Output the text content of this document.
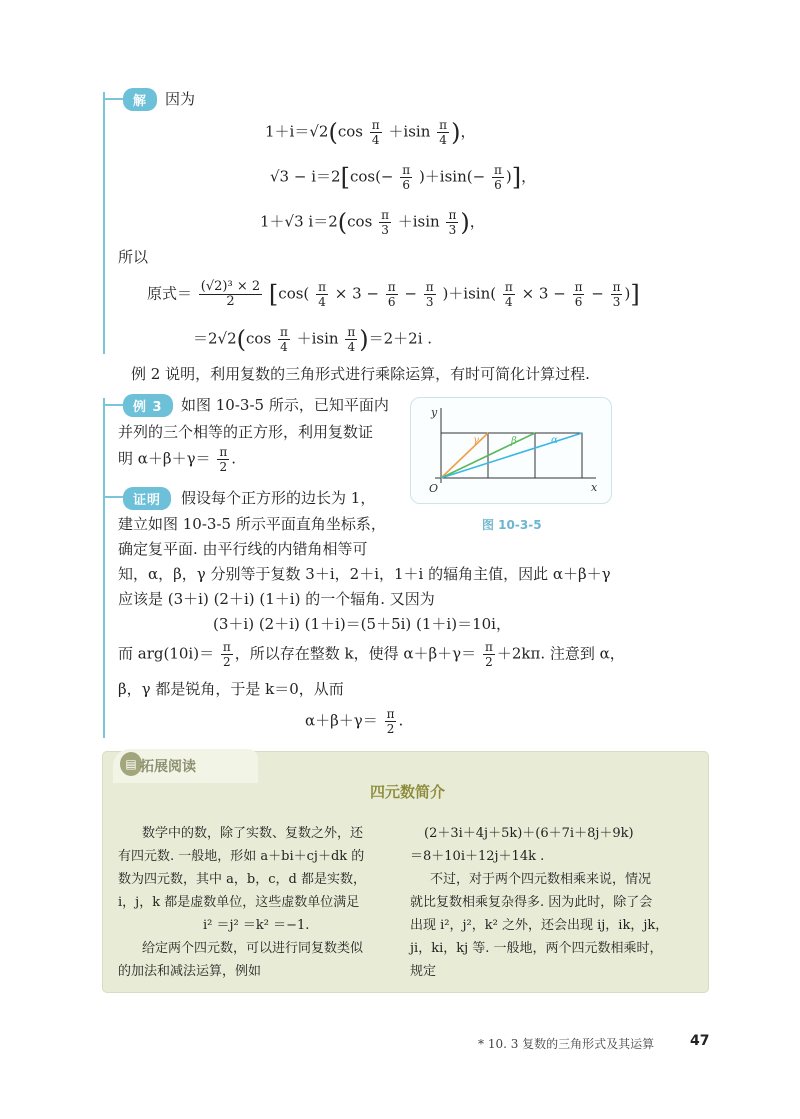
解	因为
$1+i=√2(\cos \frac{\pi}{4} +isin \frac{\pi}{4}$ )，
$√3 - i=2[\cos(- \frac{\pi}{6} )+isin(- \frac{\pi}{6}$ )]，
1＋√3 $i=2(\cos \frac{\pi}{3} +isin \frac{\pi}{3}$ )，
所以
原式＝ $\frac{\text{(√2)³ × 2}}{2} [\cos( \frac{\pi}{4} \times 3 - \frac{\pi}{6} - \frac{\pi}{3} )+isin( \frac{\pi}{4} \times 3 - \frac{\pi}{6} - \frac{\pi}{3}$ )]
$=2√2(\cos \frac{\pi}{4} +isin \frac{\pi}{4} )=2+2i$ .
例 2 说明，利用复数的三角形式进行乘除运算，有时可简化计算过程.
例 3	如图 10-3-5 所示，已知平面内
并列的三个相等的正方形，利用复数证
明 $\alpha+\beta+\gamma= \frac{\pi}{2}$ .
γ	β	α
y
x
O
图 10-3-5
证明	假设每个正方形的边长为 1，
建立如图 10-3-5 所示平面直角坐标系，
确定复平面. 由平行线的内错角相等可
知，α，β，γ 分别等于复数 3＋i，2＋i，1＋i 的辐角主值，因此 α＋β＋γ
应该是 (3＋i) (2＋i) (1＋i) 的一个辐角. 又因为
(3＋i) (2＋i) (1＋i)＝(5＋5i) (1＋i)＝10i，
而 $arg(10i)= \frac{\pi}{2}$ ，所以存在整数 k，使得 $\alpha+\beta+\gamma= \frac{\pi}{2} +2k\pi$. 注意到 α，
β，γ 都是锐角，于是 k＝0，从而
$\alpha+\beta+\gamma= \frac{\pi}{2}$ .
▤ 拓展阅读
四元数简介
数学中的数，除了实数、复数之外，还
有四元数. 一般地，形如 a＋bi＋cj＋dk 的
数为四元数，其中 a，b，c，d 都是实数，
i，j，k 都是虚数单位，这些虚数单位满足
i² ＝j² ＝k² ＝−1.
给定两个四元数，可以进行同复数类似
的加法和减法运算，例如
(2＋3i＋4j＋5k)＋(6＋7i＋8j＋9k)
＝8＋10i＋12j＋14k .
不过，对于两个四元数相乘来说，情况
就比复数相乘复杂得多. 因为此时，除了会
出现 i²，j²，k² 之外，还会出现 ij，ik，jk，
ji，ki，kj 等. 一般地，两个四元数相乘时，
规定
* 10. 3 复数的三角形式及其运算	47
